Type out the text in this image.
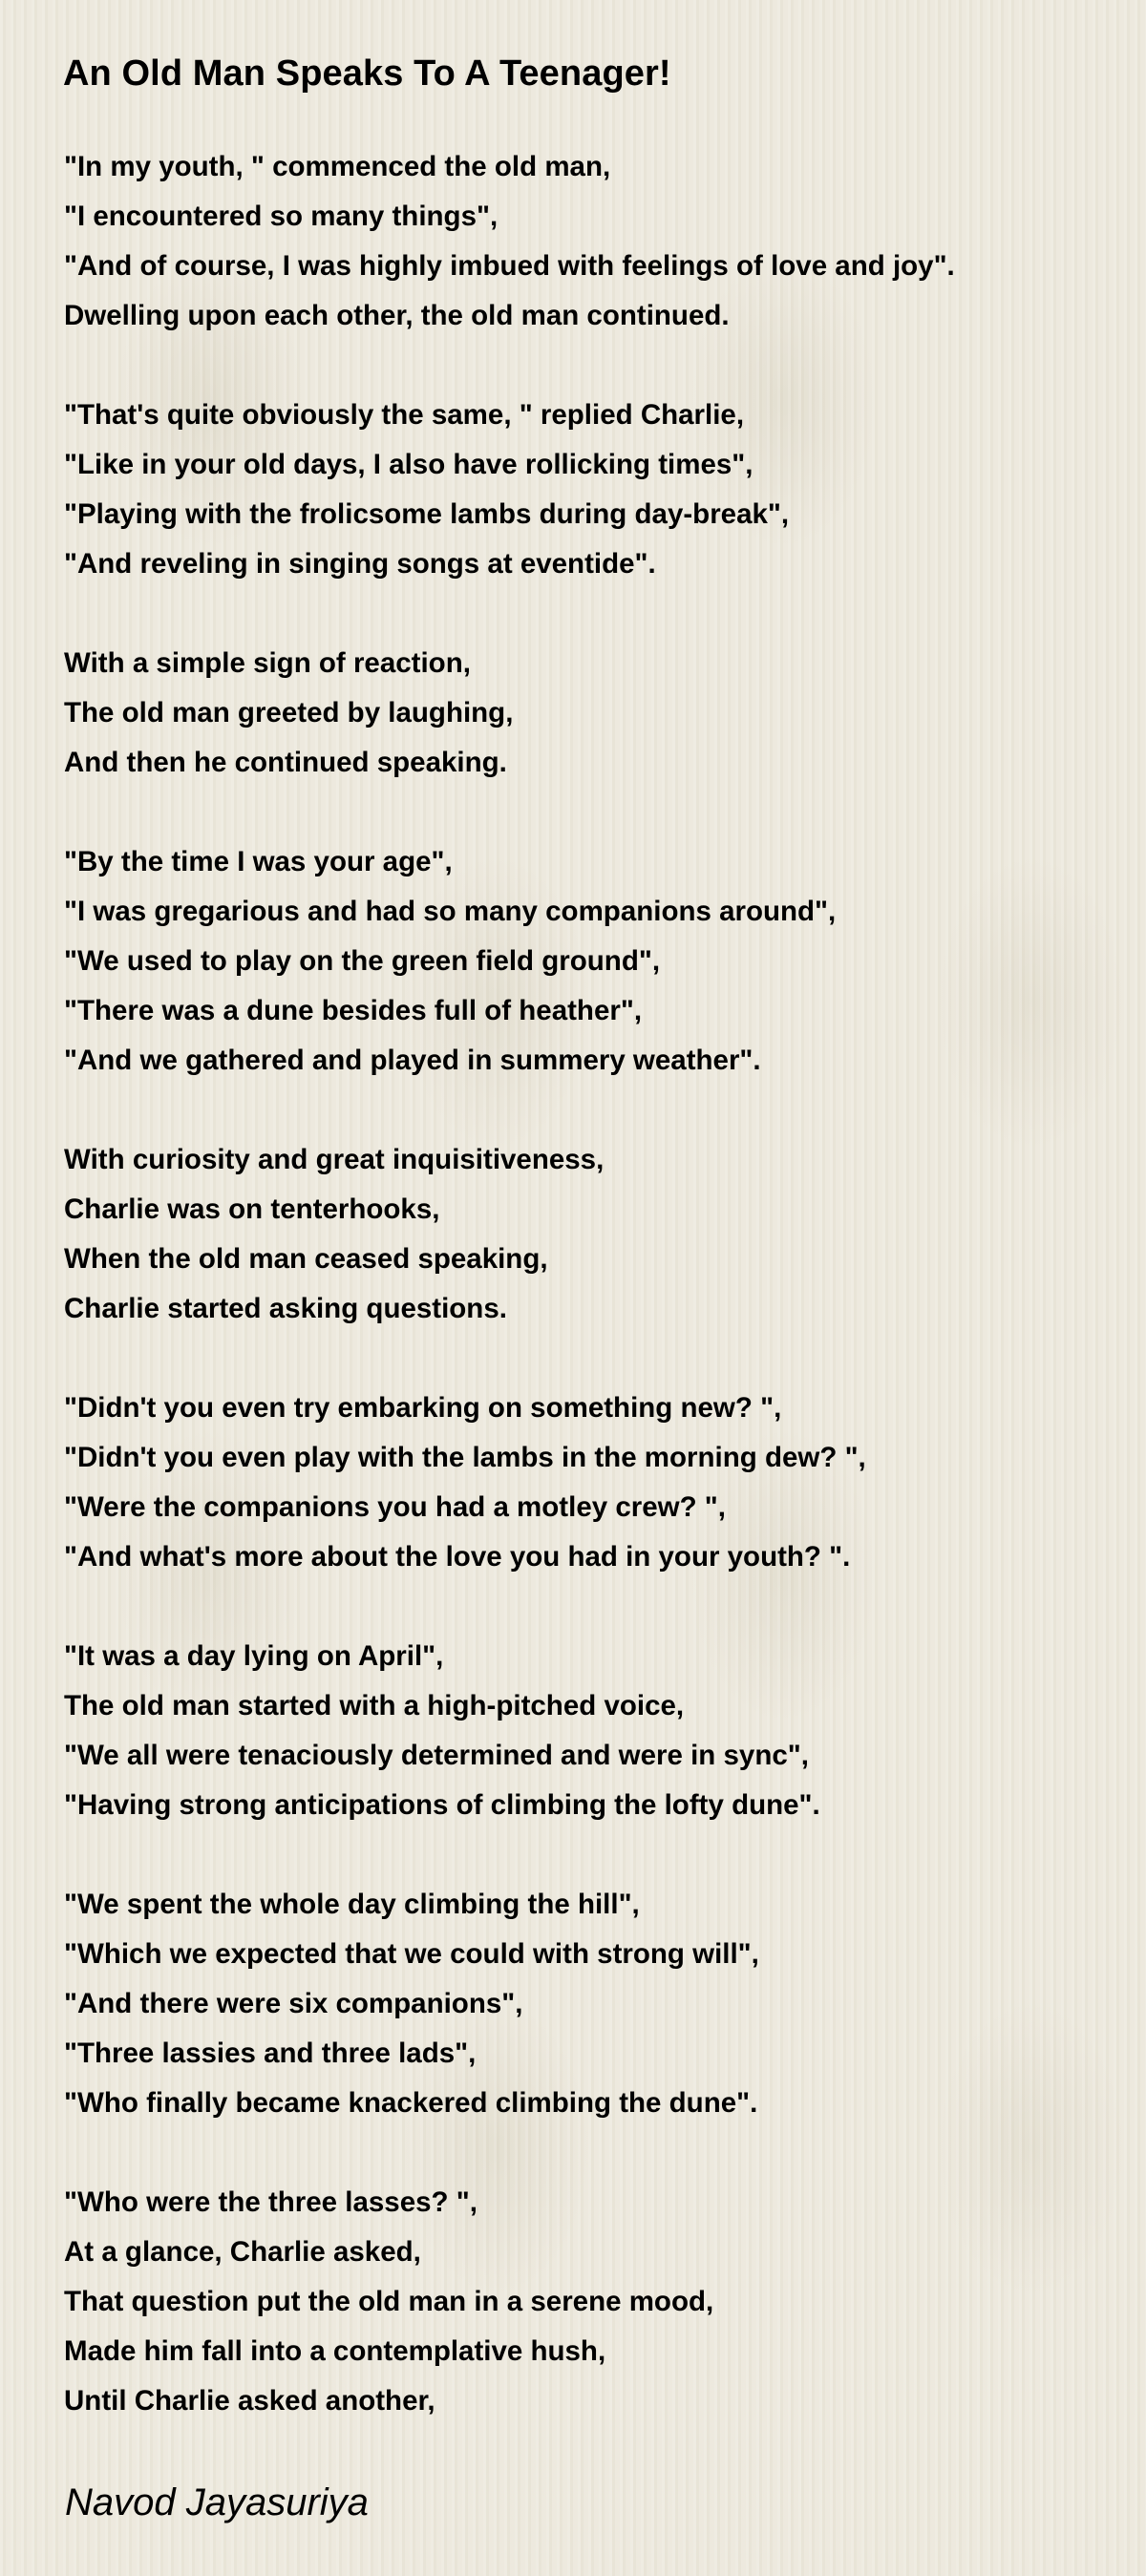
An Old Man Speaks To A Teenager!
"In my youth, " commenced the old man,
"I encountered so many things",
"And of course, I was highly imbued with feelings of love and joy".
Dwelling upon each other, the old man continued.
"That's quite obviously the same, " replied Charlie,
"Like in your old days, I also have rollicking times",
"Playing with the frolicsome lambs during day-break",
"And reveling in singing songs at eventide".
With a simple sign of reaction,
The old man greeted by laughing,
And then he continued speaking.
"By the time I was your age",
"I was gregarious and had so many companions around",
"We used to play on the green field ground",
"There was a dune besides full of heather",
"And we gathered and played in summery weather".
With curiosity and great inquisitiveness,
Charlie was on tenterhooks,
When the old man ceased speaking,
Charlie started asking questions.
"Didn't you even try embarking on something new? ",
"Didn't you even play with the lambs in the morning dew? ",
"Were the companions you had a motley crew? ",
"And what's more about the love you had in your youth? ".
"It was a day lying on April",
The old man started with a high-pitched voice,
"We all were tenaciously determined and were in sync",
"Having strong anticipations of climbing the lofty dune".
"We spent the whole day climbing the hill",
"Which we expected that we could with strong will",
"And there were six companions",
"Three lassies and three lads",
"Who finally became knackered climbing the dune".
"Who were the three lasses? ",
At a glance, Charlie asked,
That question put the old man in a serene mood,
Made him fall into a contemplative hush,
Until Charlie asked another,
Navod Jayasuriya
